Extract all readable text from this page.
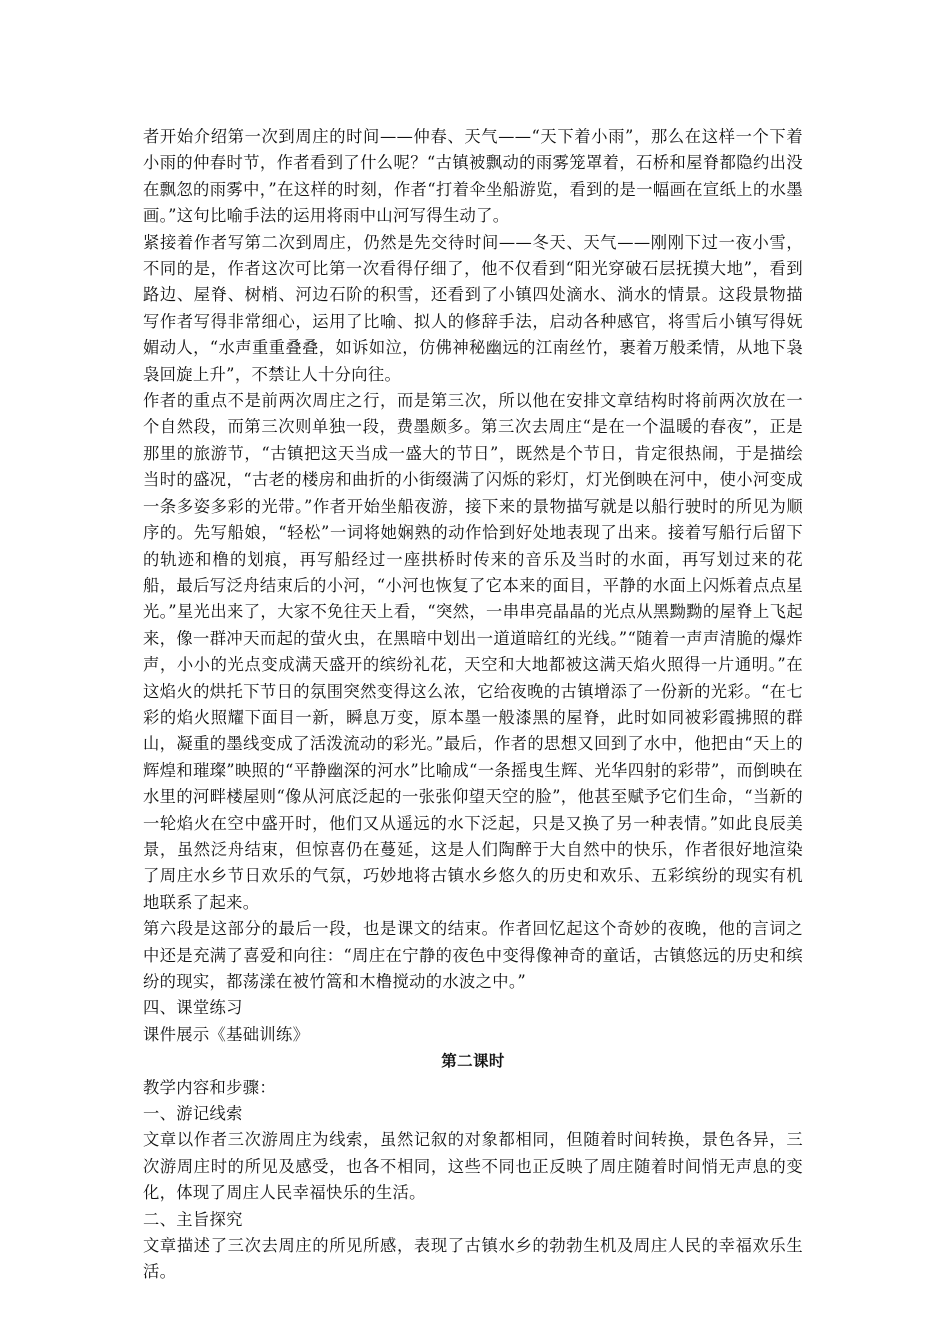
者开始介绍第一次到周庄的时间——仲春、天气——“天下着小雨”，那么在这样一个下着小雨的仲春时节，作者看到了什么呢？“古镇被飘动的雨雾笼罩着，石桥和屋脊都隐约出没在飘忽的雨雾中，”在这样的时刻，作者“打着伞坐船游览，看到的是一幅画在宣纸上的水墨画。”这句比喻手法的运用将雨中山河写得生动了。

紧接着作者写第二次到周庄，仍然是先交待时间——冬天、天气——刚刚下过一夜小雪，不同的是，作者这次可比第一次看得仔细了，他不仅看到“阳光穿破石层抚摸大地”，看到路边、屋脊、树梢、河边石阶的积雪，还看到了小镇四处滴水、淌水的情景。这段景物描写作者写得非常细心，运用了比喻、拟人的修辞手法，启动各种感官，将雪后小镇写得妩媚动人，“水声重重叠叠，如诉如泣，仿佛神秘幽远的江南丝竹，裹着万般柔情，从地下袅袅回旋上升”，不禁让人十分向往。

作者的重点不是前两次周庄之行，而是第三次，所以他在安排文章结构时将前两次放在一个自然段，而第三次则单独一段，费墨颇多。第三次去周庄“是在一个温暖的春夜”，正是那里的旅游节，“古镇把这天当成一盛大的节日”，既然是个节日，肯定很热闹，于是描绘当时的盛况，“古老的楼房和曲折的小街缀满了闪烁的彩灯，灯光倒映在河中，使小河变成一条多姿多彩的光带。”作者开始坐船夜游，接下来的景物描写就是以船行驶时的所见为顺序的。先写船娘，“轻松”一词将她娴熟的动作恰到好处地表现了出来。接着写船行后留下的轨迹和橹的划痕，再写船经过一座拱桥时传来的音乐及当时的水面，再写划过来的花船，最后写泛舟结束后的小河，“小河也恢复了它本来的面目，平静的水面上闪烁着点点星光。”星光出来了，大家不免往天上看，“突然，一串串亮晶晶的光点从黑黝黝的屋脊上飞起来，像一群冲天而起的萤火虫，在黑暗中划出一道道暗红的光线。”“随着一声声清脆的爆炸声，小小的光点变成满天盛开的缤纷礼花，天空和大地都被这满天焰火照得一片通明。”在这焰火的烘托下节日的氛围突然变得这么浓，它给夜晚的古镇增添了一份新的光彩。“在七彩的焰火照耀下面目一新，瞬息万变，原本墨一般漆黑的屋脊，此时如同被彩霞拂照的群山，凝重的墨线变成了活泼流动的彩光。”最后，作者的思想又回到了水中，他把由“天上的辉煌和璀璨”映照的“平静幽深的河水”比喻成“一条摇曳生辉、光华四射的彩带”，而倒映在水里的河畔楼屋则“像从河底泛起的一张张仰望天空的脸”，他甚至赋予它们生命，“当新的一轮焰火在空中盛开时，他们又从遥远的水下泛起，只是又换了另一种表情。”如此良辰美景，虽然泛舟结束，但惊喜仍在蔓延，这是人们陶醉于大自然中的快乐，作者很好地渲染了周庄水乡节日欢乐的气氛，巧妙地将古镇水乡悠久的历史和欢乐、五彩缤纷的现实有机地联系了起来。

第六段是这部分的最后一段，也是课文的结束。作者回忆起这个奇妙的夜晚，他的言词之中还是充满了喜爱和向往：“周庄在宁静的夜色中变得像神奇的童话，古镇悠远的历史和缤纷的现实，都荡漾在被竹篙和木橹搅动的水波之中。”

四、课堂练习

课件展示《基础训练》

第二课时

教学内容和步骤：

一、游记线索

文章以作者三次游周庄为线索，虽然记叙的对象都相同，但随着时间转换，景色各异，三次游周庄时的所见及感受，也各不相同，这些不同也正反映了周庄随着时间悄无声息的变化，体现了周庄人民幸福快乐的生活。

二、主旨探究

文章描述了三次去周庄的所见所感，表现了古镇水乡的勃勃生机及周庄人民的幸福欢乐生活。
